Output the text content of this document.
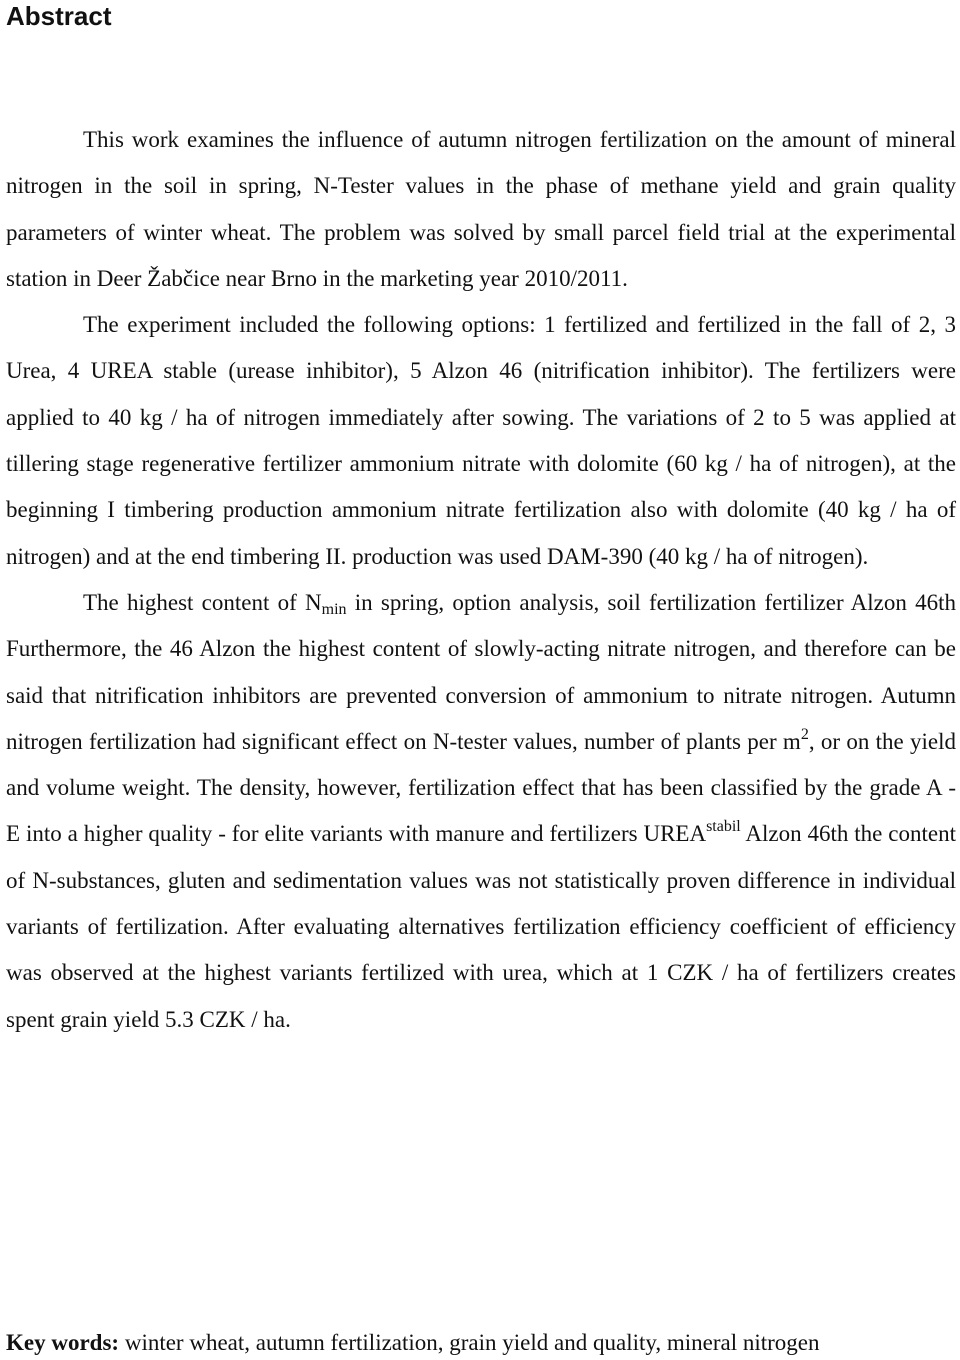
Abstract

This work examines the influence of autumn nitrogen fertilization on the amount of mineral nitrogen in the soil in spring, N-Tester values in the phase of methane yield and grain quality parameters of winter wheat. The problem was solved by small parcel field trial at the experimental station in Deer Žabčice near Brno in the marketing year 2010/2011.

The experiment included the following options: 1 fertilized and fertilized in the fall of 2, 3 Urea, 4 UREA stable (urease inhibitor), 5 Alzon 46 (nitrification inhibitor). The fertilizers were applied to 40 kg / ha of nitrogen immediately after sowing. The variations of 2 to 5 was applied at tillering stage regenerative fertilizer ammonium nitrate with dolomite (60 kg / ha of nitrogen), at the beginning I timbering production ammonium nitrate fertilization also with dolomite (40 kg / ha of nitrogen) and at the end timbering II. production was used DAM-390 (40 kg / ha of nitrogen).

The highest content of $N_{min}$ in spring, option analysis, soil fertilization fertilizer Alzon 46th Furthermore, the 46 Alzon the highest content of slowly-acting nitrate nitrogen, and therefore can be said that nitrification inhibitors are prevented conversion of ammonium to nitrate nitrogen. Autumn nitrogen fertilization had significant effect on N-tester values, number of plants per $m^2$, or on the yield and volume weight. The density, however, fertilization effect that has been classified by the grade A - E into a higher quality - for elite variants with manure and fertilizers $UREA^{stabil}$ Alzon 46th the content of N-substances, gluten and sedimentation values was not statistically proven difference in individual variants of fertilization. After evaluating alternatives fertilization efficiency coefficient of efficiency was observed at the highest variants fertilized with urea, which at 1 CZK / ha of fertilizers creates spent grain yield 5.3 CZK / ha.

Key words: winter wheat, autumn fertilization, grain yield and quality, mineral nitrogen
